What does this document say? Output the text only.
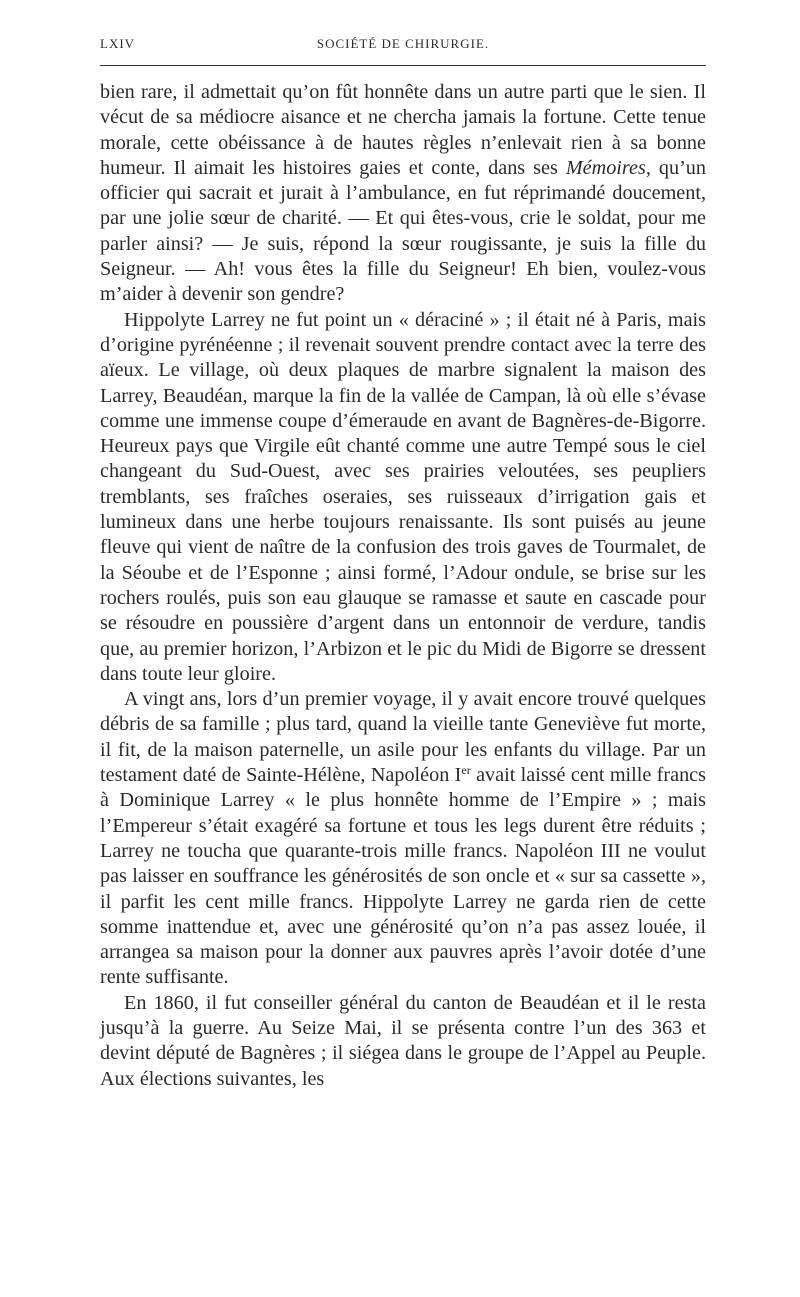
LXIV	SOCIÉTÉ DE CHIRURGIE.

bien rare, il admettait qu’on fût honnête dans un autre parti que le sien. Il vécut de sa médiocre aisance et ne chercha jamais la fortune. Cette tenue morale, cette obéissance à de hautes règles n’enlevait rien à sa bonne humeur. Il aimait les histoires gaies et conte, dans ses Mémoires, qu’un officier qui sacrait et jurait à l’ambulance, en fut réprimandé doucement, par une jolie sœur de charité. — Et qui êtes-vous, crie le soldat, pour me parler ainsi? — Je suis, répond la sœur rougissante, je suis la fille du Seigneur. — Ah! vous êtes la fille du Seigneur! Eh bien, voulez-vous m’aider à devenir son gendre?

Hippolyte Larrey ne fut point un « déraciné » ; il était né à Paris, mais d’origine pyrénéenne ; il revenait souvent prendre contact avec la terre des aïeux. Le village, où deux plaques de marbre signalent la maison des Larrey, Beaudéan, marque la fin de la vallée de Campan, là où elle s’évase comme une immense coupe d’émeraude en avant de Bagnères-de-Bigorre. Heureux pays que Virgile eût chanté comme une autre Tempé sous le ciel changeant du Sud-Ouest, avec ses prairies veloutées, ses peupliers tremblants, ses fraîches oseraies, ses ruisseaux d’irrigation gais et lumineux dans une herbe toujours renaissante. Ils sont puisés au jeune fleuve qui vient de naître de la confusion des trois gaves de Tourmalet, de la Séoube et de l’Esponne ; ainsi formé, l’Adour ondule, se brise sur les rochers roulés, puis son eau glauque se ramasse et saute en cascade pour se résoudre en poussière d’argent dans un entonnoir de verdure, tandis que, au premier horizon, l’Arbizon et le pic du Midi de Bigorre se dressent dans toute leur gloire.

A vingt ans, lors d’un premier voyage, il y avait encore trouvé quelques débris de sa famille ; plus tard, quand la vieille tante Geneviève fut morte, il fit, de la maison paternelle, un asile pour les enfants du village. Par un testament daté de Sainte-Hélène, Napoléon Ier avait laissé cent mille francs à Dominique Larrey « le plus honnête homme de l’Empire » ; mais l’Empereur s’était exagéré sa fortune et tous les legs durent être réduits ; Larrey ne toucha que quarante-trois mille francs. Napoléon III ne voulut pas laisser en souffrance les générosités de son oncle et « sur sa cassette », il parfit les cent mille francs. Hippolyte Larrey ne garda rien de cette somme inattendue et, avec une générosité qu’on n’a pas assez louée, il arrangea sa maison pour la donner aux pauvres après l’avoir dotée d’une rente suffisante.

En 1860, il fut conseiller général du canton de Beaudéan et il le resta jusqu’à la guerre. Au Seize Mai, il se présenta contre l’un des 363 et devint député de Bagnères ; il siégea dans le groupe de l’Appel au Peuple. Aux élections suivantes, les
